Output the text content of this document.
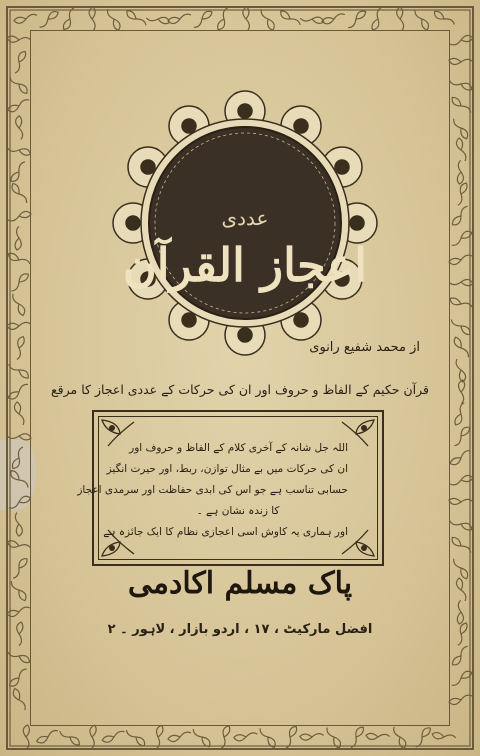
عددی
اعجاز القرآن
از محمد شفیع رانوی
قرآن حکیم کے الفاظ و حروف اور ان کی حرکات کے عددی اعجاز کا مرقع
اللہ جل شانہ کے آخری کلام کے الفاظ و حروف اور
ان کی حرکات میں بے مثال توازن، ربط، اور حیرت انگیز
حسابی تناسب ہے جو اس کی ابدی حفاظت اور سرمدی اعجاز
کا زندہ نشان ہے ۔
اور ہماری یہ کاوش اسی اعجازی نظام کا ایک جائزہ ہے
پاک مسلم اکادمی
افضل مارکیٹ ، ۱۷ ، اردو بازار ، لاہور ۔ ۲
